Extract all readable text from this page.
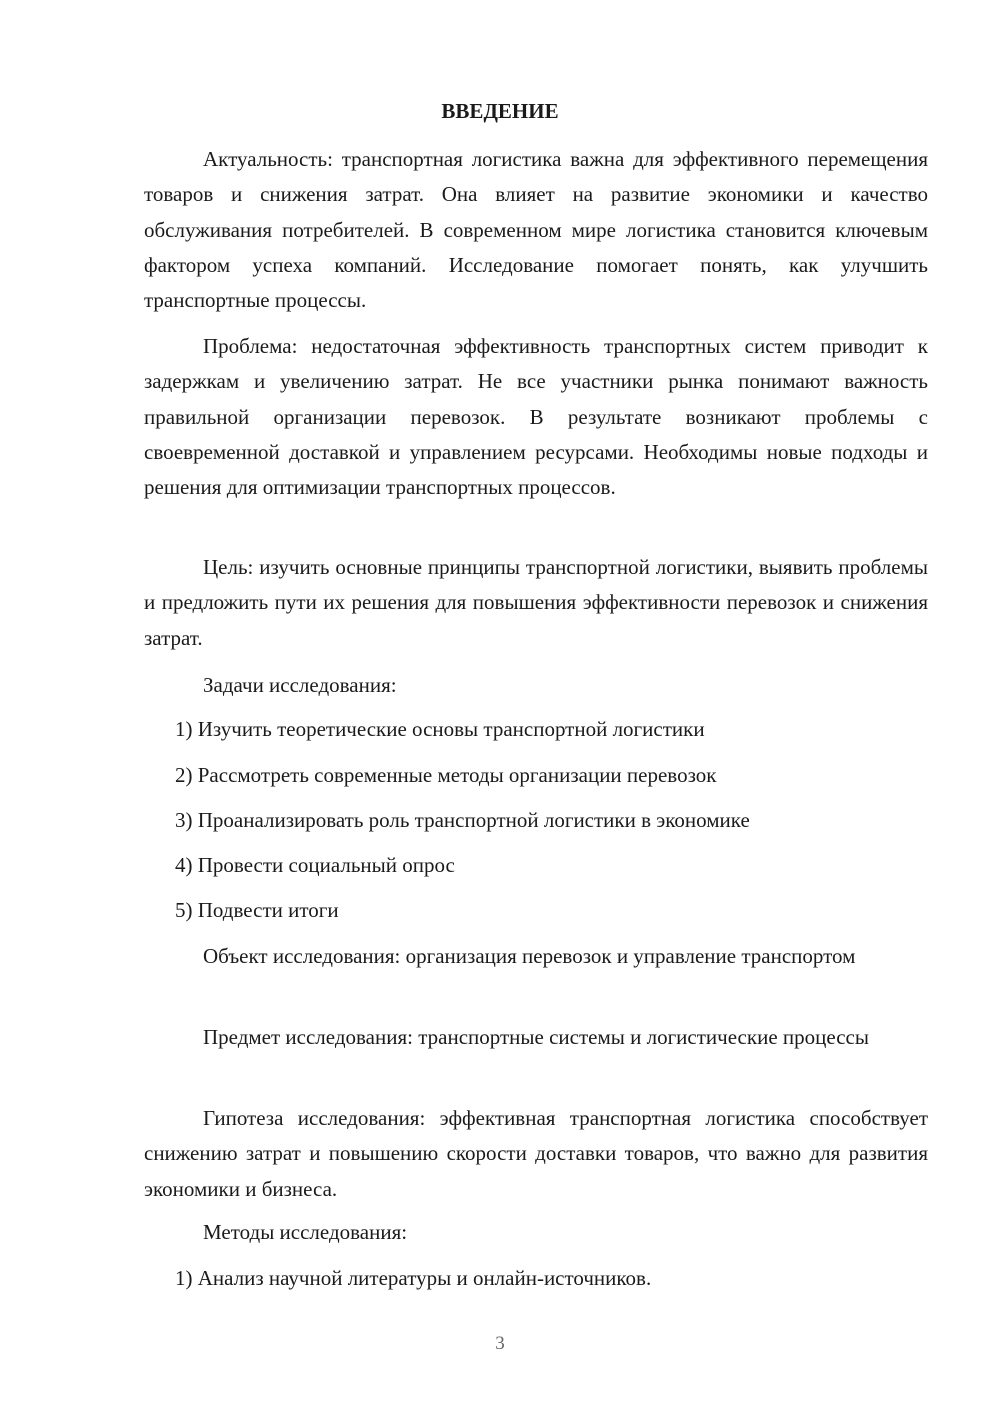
ВВЕДЕНИЕ

Актуальность: транспортная логистика важна для эффективного перемещения товаров и снижения затрат. Она влияет на развитие экономики и качество обслуживания потребителей. В современном мире логистика становится ключевым фактором успеха компаний. Исследование помогает понять, как улучшить транспортные процессы.

Проблема: недостаточная эффективность транспортных систем приводит к задержкам и увеличению затрат. Не все участники рынка понимают важность правильной организации перевозок. В результате возникают проблемы с своевременной доставкой и управлением ресурсами. Необходимы новые подходы и решения для оптимизации транспортных процессов.

Цель: изучить основные принципы транспортной логистики, выявить проблемы и предложить пути их решения для повышения эффективности перевозок и снижения затрат.

Задачи исследования:

1) Изучить теоретические основы транспортной логистики

2) Рассмотреть современные методы организации перевозок

3) Проанализировать роль транспортной логистики в экономике

4) Провести социальный опрос

5) Подвести итоги

Объект исследования: организация перевозок и управление транспортом

Предмет исследования: транспортные системы и логистические процессы

Гипотеза исследования: эффективная транспортная логистика способствует снижению затрат и повышению скорости доставки товаров, что важно для развития экономики и бизнеса.

Методы исследования:

1) Анализ научной литературы и онлайн-источников.

3
